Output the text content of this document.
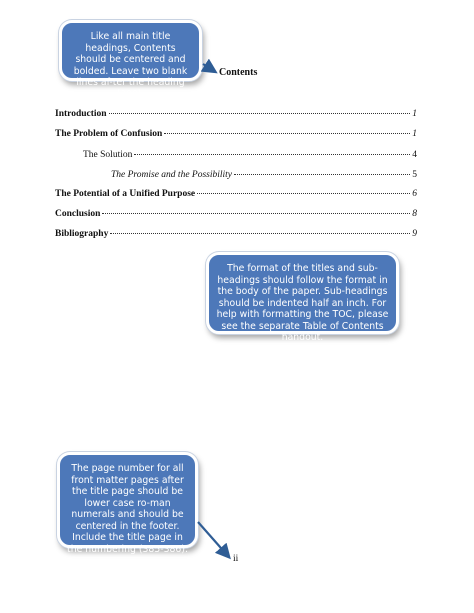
Like all main title headings, Contents should be centered and bolded. Leave two blank lines af-ter the heading (380).
Contents
Introduction	1
The Problem of Confusion	1
The Solution	4
The Promise and the Possibility	5
The Potential of a Unified Purpose	6
Conclusion	8
Bibliography	9
The format of the titles and sub-headings should follow the format in the body of the paper. Sub-headings should be indented half an inch. For help with formatting the TOC, please see the separate Table of Contents handout.
The page number for all front matter pages after the title page should be lower case ro-man numerals and should be centered in the footer. Include the title page in the numbering (385-386).
ii
